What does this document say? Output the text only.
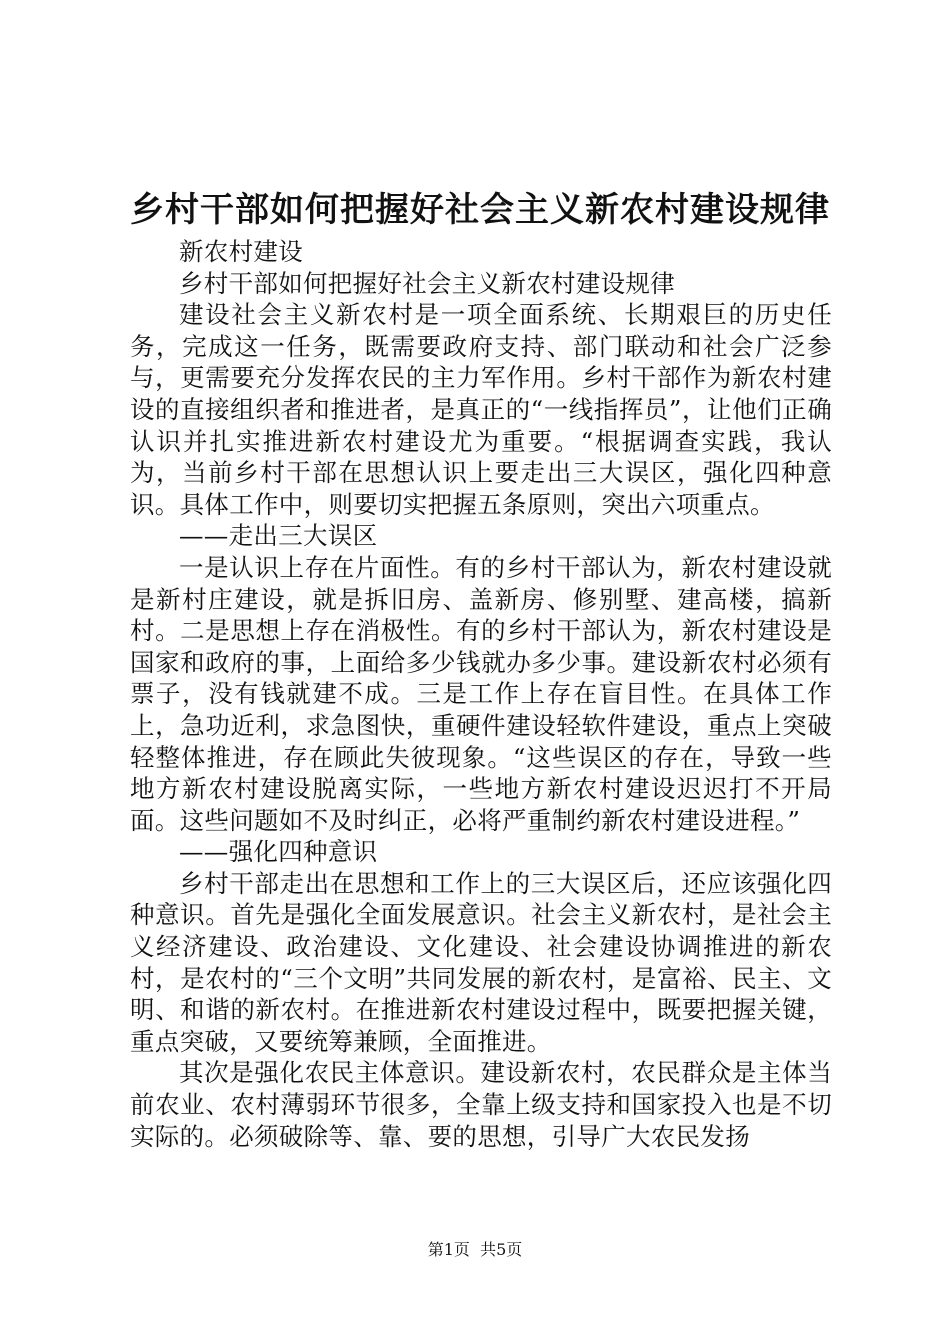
乡村干部如何把握好社会主义新农村建设规律

新农村建设

乡村干部如何把握好社会主义新农村建设规律

建设社会主义新农村是一项全面系统、长期艰巨的历史任务，完成这一任务，既需要政府支持、部门联动和社会广泛参与，更需要充分发挥农民的主力军作用。乡村干部作为新农村建设的直接组织者和推进者，是真正的“一线指挥员”，让他们正确认识并扎实推进新农村建设尤为重要。“根据调查实践，我认为，当前乡村干部在思想认识上要走出三大误区，强化四种意识。具体工作中，则要切实把握五条原则，突出六项重点。

——走出三大误区

一是认识上存在片面性。有的乡村干部认为，新农村建设就是新村庄建设，就是拆旧房、盖新房、修别墅、建高楼，搞新村。二是思想上存在消极性。有的乡村干部认为，新农村建设是国家和政府的事，上面给多少钱就办多少事。建设新农村必须有票子，没有钱就建不成。三是工作上存在盲目性。在具体工作上，急功近利，求急图快，重硬件建设轻软件建设，重点上突破轻整体推进，存在顾此失彼现象。“这些误区的存在，导致一些地方新农村建设脱离实际，一些地方新农村建设迟迟打不开局面。这些问题如不及时纠正，必将严重制约新农村建设进程。”

——强化四种意识

乡村干部走出在思想和工作上的三大误区后，还应该强化四种意识。首先是强化全面发展意识。社会主义新农村，是社会主义经济建设、政治建设、文化建设、社会建设协调推进的新农村，是农村的“三个文明”共同发展的新农村，是富裕、民主、文明、和谐的新农村。在推进新农村建设过程中，既要把握关键，重点突破，又要统筹兼顾，全面推进。

其次是强化农民主体意识。建设新农村，农民群众是主体当前农业、农村薄弱环节很多，全靠上级支持和国家投入也是不切实际的。必须破除等、靠、要的思想，引导广大农民发扬

第1页  共5页
